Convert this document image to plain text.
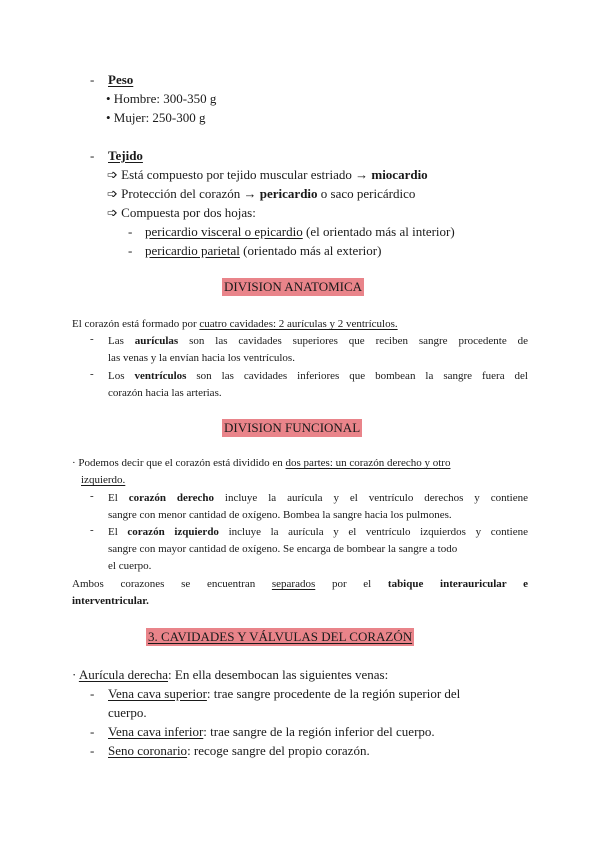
- Peso
• Hombre: 300-350 g
• Mujer: 250-300 g
- Tejido
➩ Está compuesto por tejido muscular estriado → miocardio
➩ Protección del corazón → pericardio o saco pericárdico
➩ Compuesta por dos hojas:
- pericardio visceral o epicardio (el orientado más al interior)
- pericardio parietal (orientado más al exterior)
DIVISION ANATOMICA
El corazón está formado por cuatro cavidades: 2 aurículas y 2 ventrículos.
- Las aurículas son las cavidades superiores que reciben sangre procedente de
las venas y la envían hacia los ventrículos.
- Los ventrículos son las cavidades inferiores que bombean la sangre fuera del
corazón hacia las arterias.
DIVISION FUNCIONAL
· Podemos decir que el corazón está dividido en dos partes: un corazón derecho y otro
izquierdo.
- El corazón derecho incluye la aurícula y el ventrículo derechos y contiene
sangre con menor cantidad de oxígeno. Bombea la sangre hacia los pulmones.
- El corazón izquierdo incluye la aurícula y el ventrículo izquierdos y contiene
sangre con mayor cantidad de oxígeno. Se encarga de bombear la sangre a todo
el cuerpo.
Ambos corazones se encuentran separados por el tabique interauricular e
interventricular.
3. CAVIDADES Y VÁLVULAS DEL CORAZÓN
· Aurícula derecha: En ella desembocan las siguientes venas:
- Vena cava superior: trae sangre procedente de la región superior del
cuerpo.
- Vena cava inferior: trae sangre de la región inferior del cuerpo.
- Seno coronario: recoge sangre del propio corazón.
